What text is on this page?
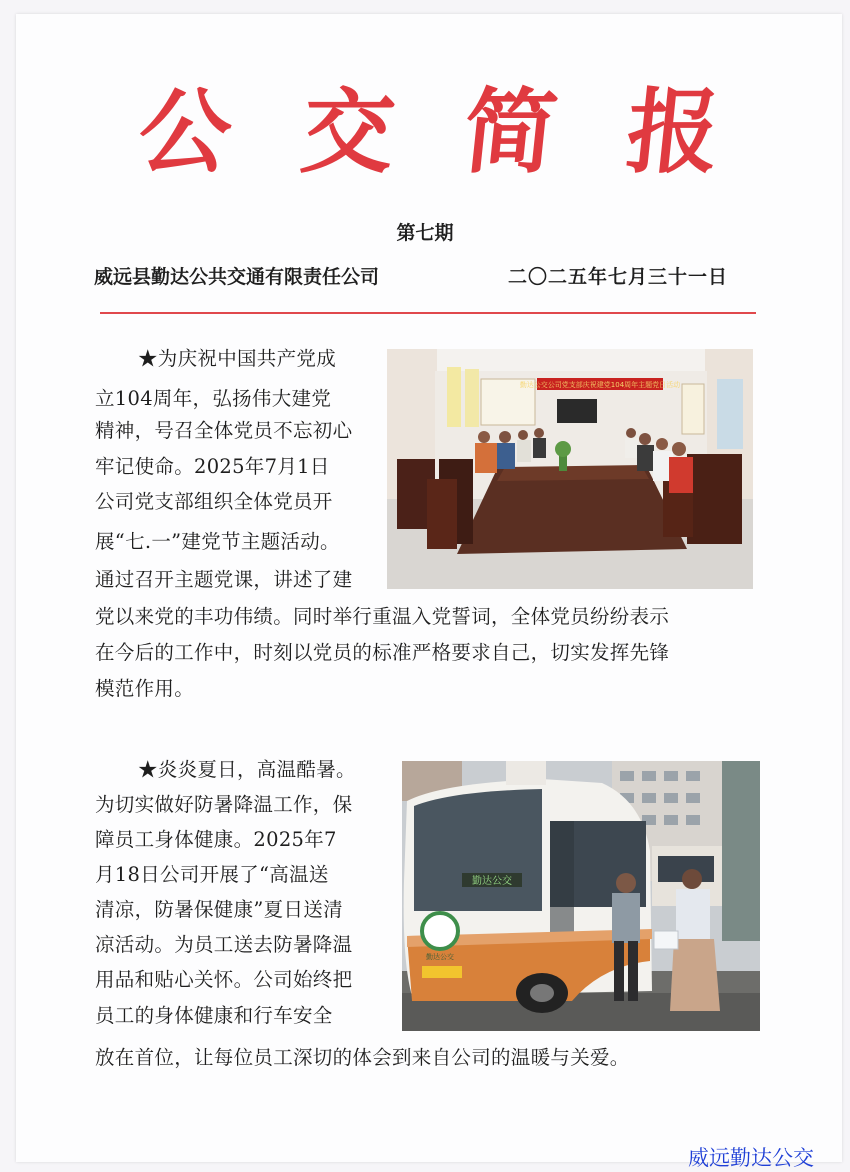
公 交 简 报
第七期
威远县勤达公共交通有限责任公司	二〇二五年七月三十一日
★为庆祝中国共产党成
立104周年，弘扬伟大建党
精神，号召全体党员不忘初心
牢记使命。2025年7月1日
公司党支部组织全体党员开
展“七.一”建党节主题活动。
通过召开主题党课，讲述了建
党以来党的丰功伟绩。同时举行重温入党誓词，全体党员纷纷表示
在今后的工作中，时刻以党员的标准严格要求自己，切实发挥先锋
模范作用。
勤达公交公司党支部庆祝建党104周年主题党日活动
★炎炎夏日，高温酷暑。
为切实做好防暑降温工作，保
障员工身体健康。2025年7
月18日公司开展了“高温送
清凉，防暑保健康”夏日送清
凉活动。为员工送去防暑降温
用品和贴心关怀。公司始终把
员工的身体健康和行车安全
放在首位，让每位员工深切的体会到来自公司的温暖与关爱。
勤达公交
勤达公交
威远勤达公交
